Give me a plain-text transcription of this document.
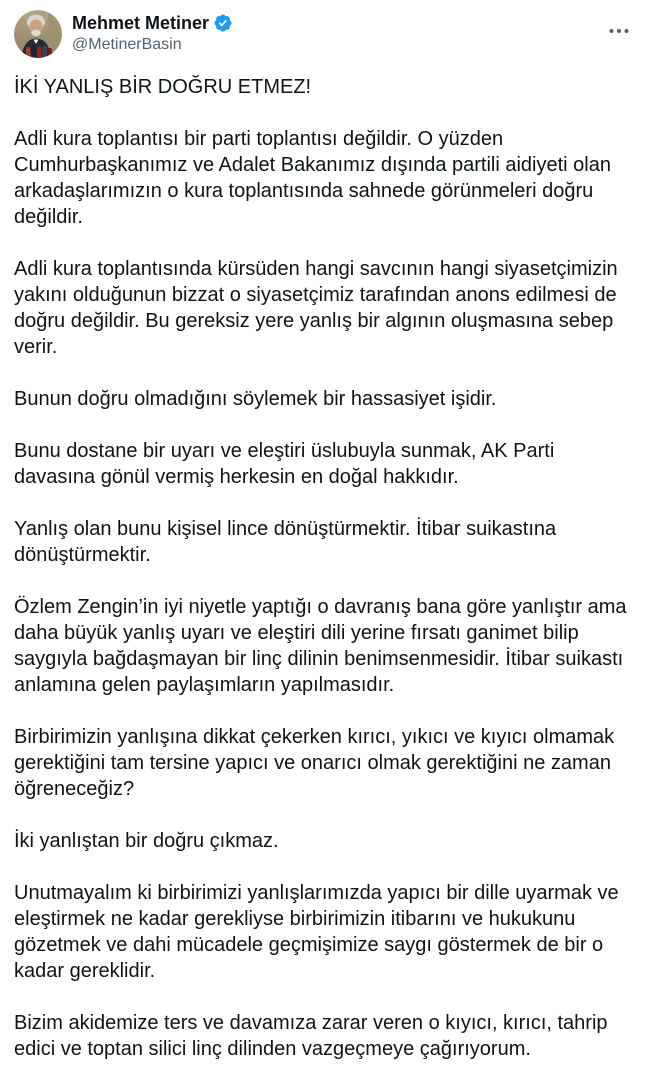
Mehmet Metiner
@MetinerBasin

İKİ YANLIŞ BİR DOĞRU ETMEZ!

Adli kura toplantısı bir parti toplantısı değildir. O yüzden Cumhurbaşkanımız ve Adalet Bakanımız dışında partili aidiyeti olan arkadaşlarımızın o kura toplantısında sahnede görünmeleri doğru değildir.

Adli kura toplantısında kürsüden hangi savcının hangi siyasetçimizin yakını olduğunun bizzat o siyasetçimiz tarafından anons edilmesi de doğru değildir. Bu gereksiz yere yanlış bir algının oluşmasına sebep verir.

Bunun doğru olmadığını söylemek bir hassasiyet işidir.

Bunu dostane bir uyarı ve eleştiri üslubuyla sunmak, AK Parti davasına gönül vermiş herkesin en doğal hakkıdır.

Yanlış olan bunu kişisel lince dönüştürmektir. İtibar suikastına dönüştürmektir.

Özlem Zengin’in iyi niyetle yaptığı o davranış bana göre yanlıştır ama daha büyük yanlış uyarı ve eleştiri dili yerine fırsatı ganimet bilip saygıyla bağdaşmayan bir linç dilinin benimsenmesidir. İtibar suikastı anlamına gelen paylaşımların yapılmasıdır.

Birbirimizin yanlışına dikkat çekerken kırıcı, yıkıcı ve kıyıcı olmamak gerektiğini tam tersine yapıcı ve onarıcı olmak gerektiğini ne zaman öğreneceğiz?

İki yanlıştan bir doğru çıkmaz.

Unutmayalım ki birbirimizi yanlışlarımızda yapıcı bir dille uyarmak ve eleştirmek ne kadar gerekliyse birbirimizin itibarını ve hukukunu gözetmek ve dahi mücadele geçmişimize saygı göstermek de bir o kadar gereklidir.

Bizim akidemize ters ve davamıza zarar veren o kıyıcı, kırıcı, tahrip edici ve toptan silici linç dilinden vazgeçmeye çağırıyorum.
